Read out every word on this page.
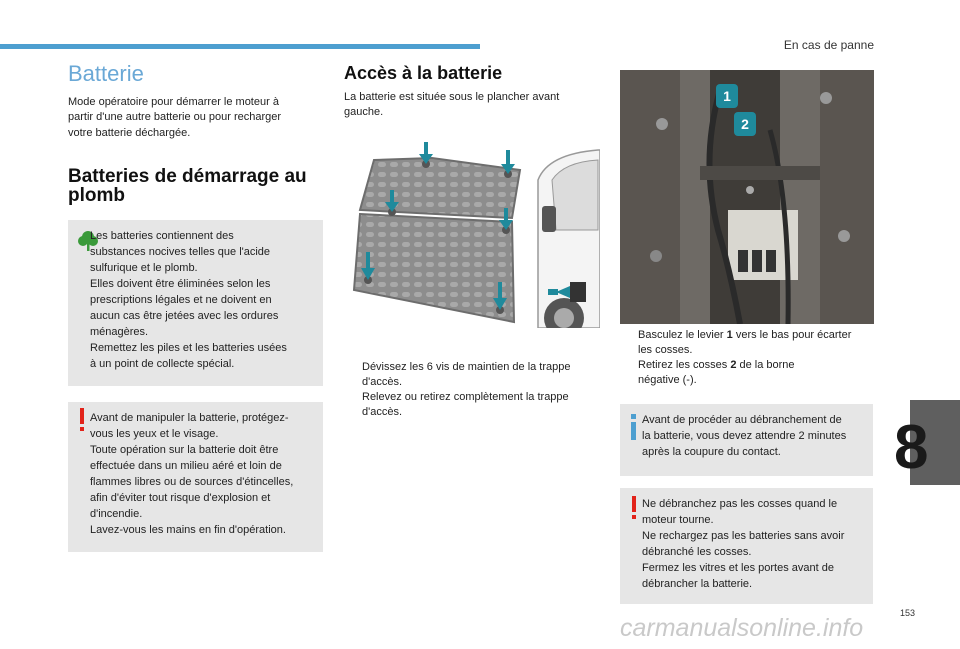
En cas de panne
8
153
carmanualsonline.info
Batterie

Mode opératoire pour démarrer le moteur à

partir d'une autre batterie ou pour recharger

votre batterie déchargée.

Batteries de démarrage au
plomb

Les batteries contiennent des

substances nocives telles que l'acide

sulfurique et le plomb.

Elles doivent être éliminées selon les

prescriptions légales et ne doivent en

aucun cas être jetées avec les ordures

ménagères.

Remettez les piles et les batteries usées

à un point de collecte spécial.

Avant de manipuler la batterie, protégez-

vous les yeux et le visage.

Toute opération sur la batterie doit être

effectuée dans un milieu aéré et loin de

flammes libres ou de sources d'étincelles,

afin d'éviter tout risque d'explosion et

d'incendie.

Lavez-vous les mains en fin d'opération.

Accès à la batterie

La batterie est située sous le plancher avant

gauche.

Dévissez les 6 vis de maintien de la trappe

d'accès.

Relevez ou retirez complètement la trappe

d'accès.

1
2

Basculez le levier 1 vers le bas pour écarter

les cosses.

Retirez les cosses 2 de la borne

négative (-).

Avant de procéder au débranchement de

la batterie, vous devez attendre 2 minutes

après la coupure du contact.

Ne débranchez pas les cosses quand le

moteur tourne.

Ne rechargez pas les batteries sans avoir

débranché les cosses.

Fermez les vitres et les portes avant de

débrancher la batterie.
